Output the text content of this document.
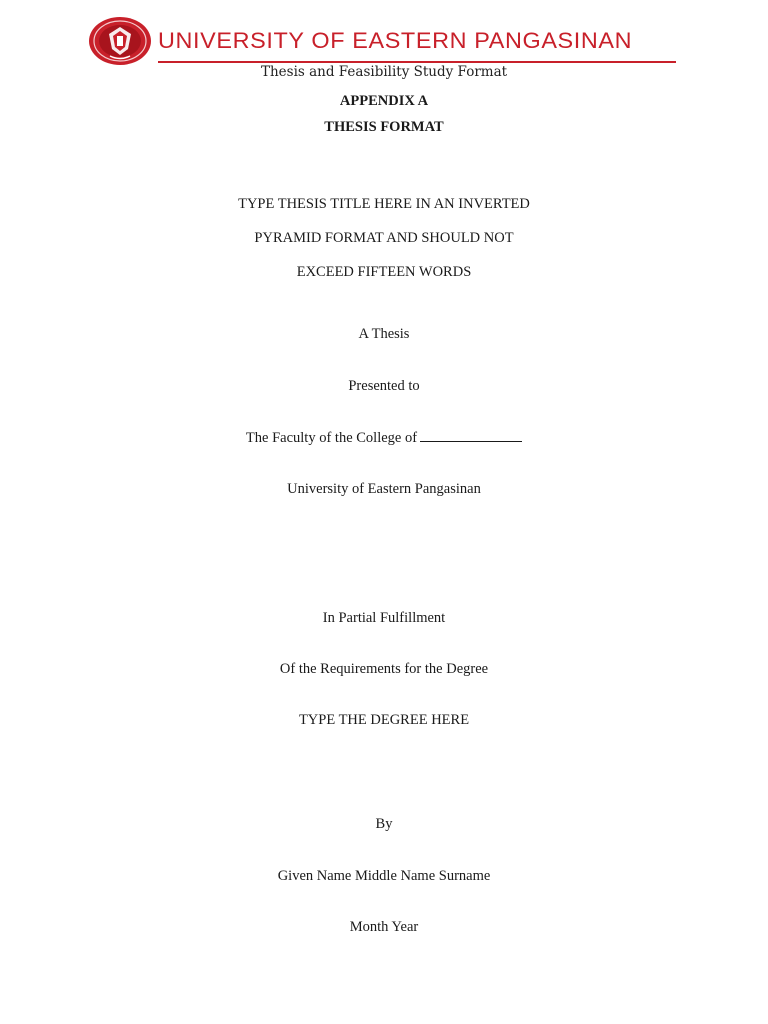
UNIVERSITY OF EASTERN PANGASINAN
Thesis and Feasibility Study Format
APPENDIX A
THESIS FORMAT
TYPE THESIS TITLE HERE IN AN INVERTED
PYRAMID FORMAT AND SHOULD NOT
EXCEED FIFTEEN WORDS
A Thesis
Presented to
The Faculty of the College of
University of Eastern Pangasinan
In Partial Fulfillment
Of the Requirements for the Degree
TYPE THE DEGREE HERE
By
Given Name Middle Name Surname
Month Year
